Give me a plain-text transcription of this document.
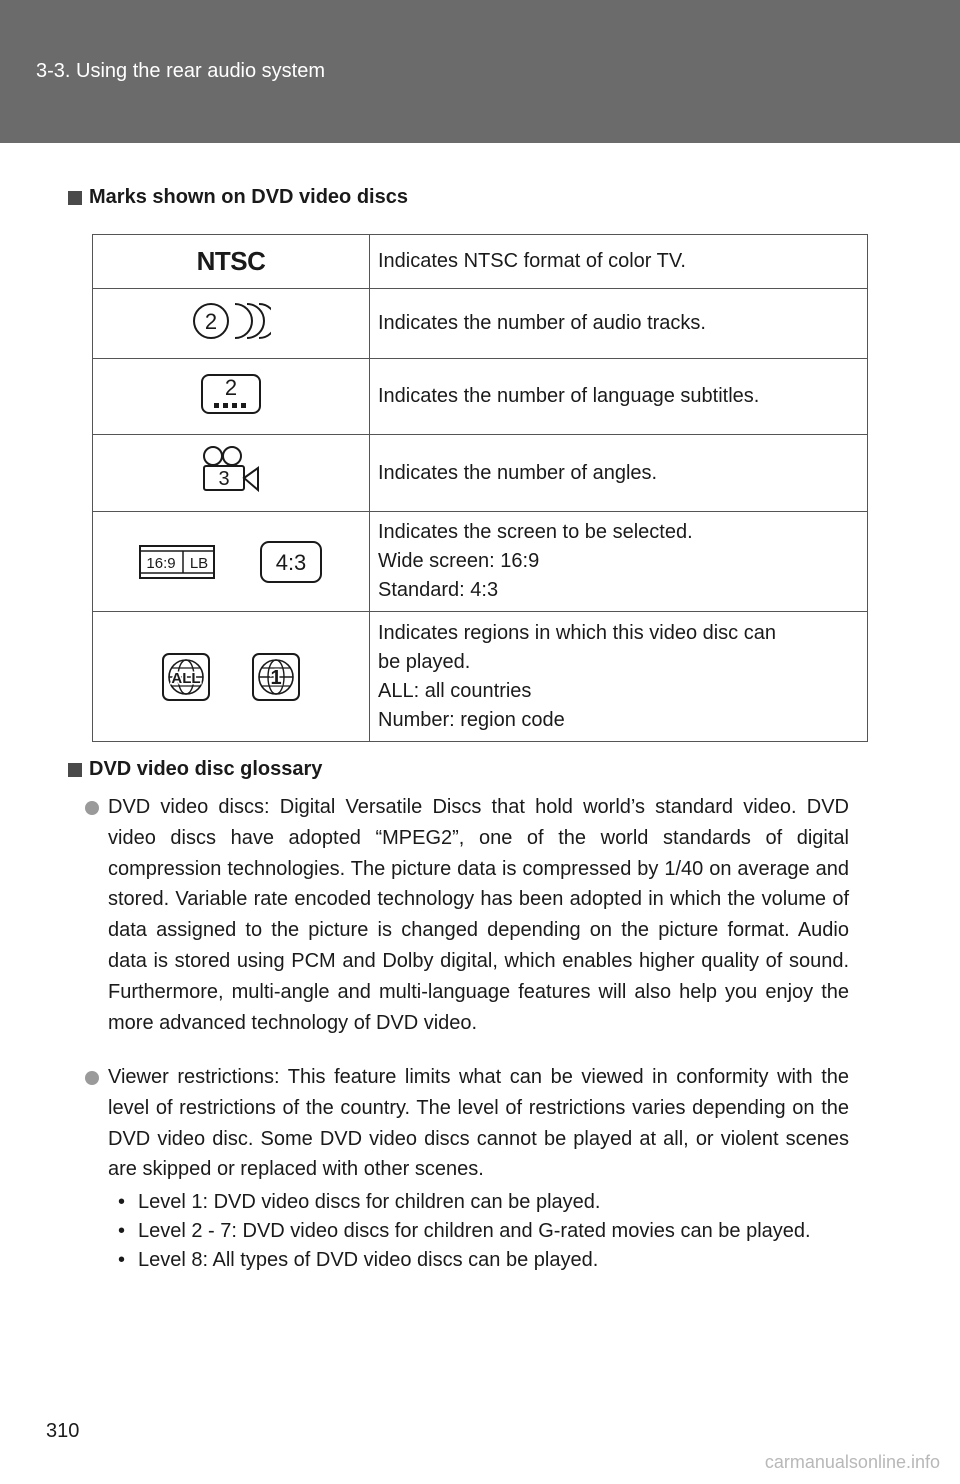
3-3. Using the rear audio system
Marks shown on DVD video discs
NTSC	Indicates NTSC format of color TV.

2	Indicates the number of audio tracks.

2	Indicates the number of language subtitles.

3	Indicates the number of angles.

16:9 LB 4:3	Indicates the screen to be selected.
Wide screen: 16:9
Standard: 4:3

ALL 1	Indicates regions in which this video disc can
be played.
ALL: all countries
Number: region code
DVD video disc glossary
DVD video discs: Digital Versatile Discs that hold world’s standard video. DVD video discs have adopted “MPEG2”, one of the world standards of digital compression technologies. The picture data is compressed by 1/40 on average and stored. Variable rate encoded technology has been adopted in which the volume of data assigned to the picture is changed depending on the picture format. Audio data is stored using PCM and Dolby digital, which enables higher quality of sound. Furthermore, multi-angle and multi-language features will also help you enjoy the more advanced technology of DVD video.
Viewer restrictions: This feature limits what can be viewed in conformity with the level of restrictions of the country. The level of restrictions varies depending on the DVD video disc. Some DVD video discs cannot be played at all, or violent scenes are skipped or replaced with other scenes.
• Level 1: DVD video discs for children can be played.
• Level 2 - 7: DVD video discs for children and G-rated movies can be played.
• Level 8: All types of DVD video discs can be played.
310
carmanualsonline.info
